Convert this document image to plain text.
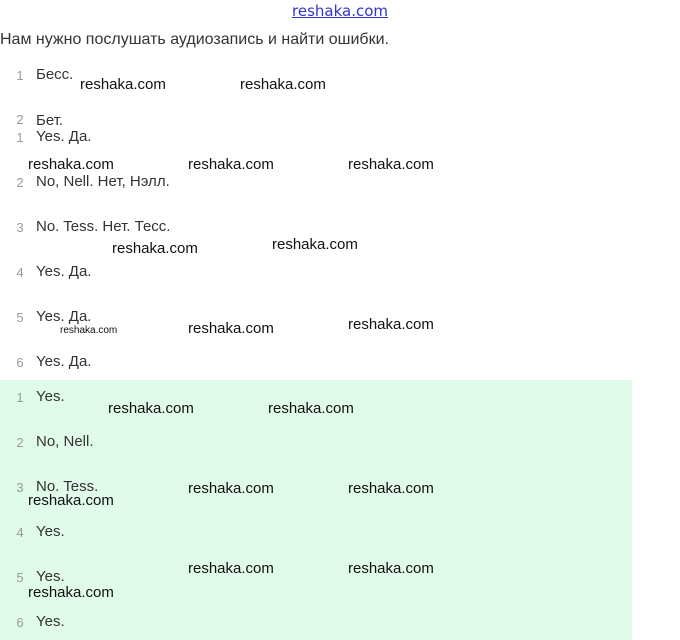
reshaka.com
Нам нужно послушать аудиозапись и найти ошибки.
1 Бесс.
2 Бет.
1 Yes. Да.
2 No, Nell. Нет, Нэлл.
3 No. Tess. Нет. Тесс.
4 Yes. Да.
5 Yes. Да.
6 Yes. Да.
1 Yes.
2 No, Nell.
3 No. Tess.
4 Yes.
5 Yes.
6 Yes.
reshaka.com	reshaka.com
reshaka.com	reshaka.com	reshaka.com
reshaka.com	reshaka.com
reshaka.com	reshaka.com	reshaka.com
reshaka.com	reshaka.com
reshaka.com	reshaka.com
reshaka.com
reshaka.com	reshaka.com
reshaka.com
